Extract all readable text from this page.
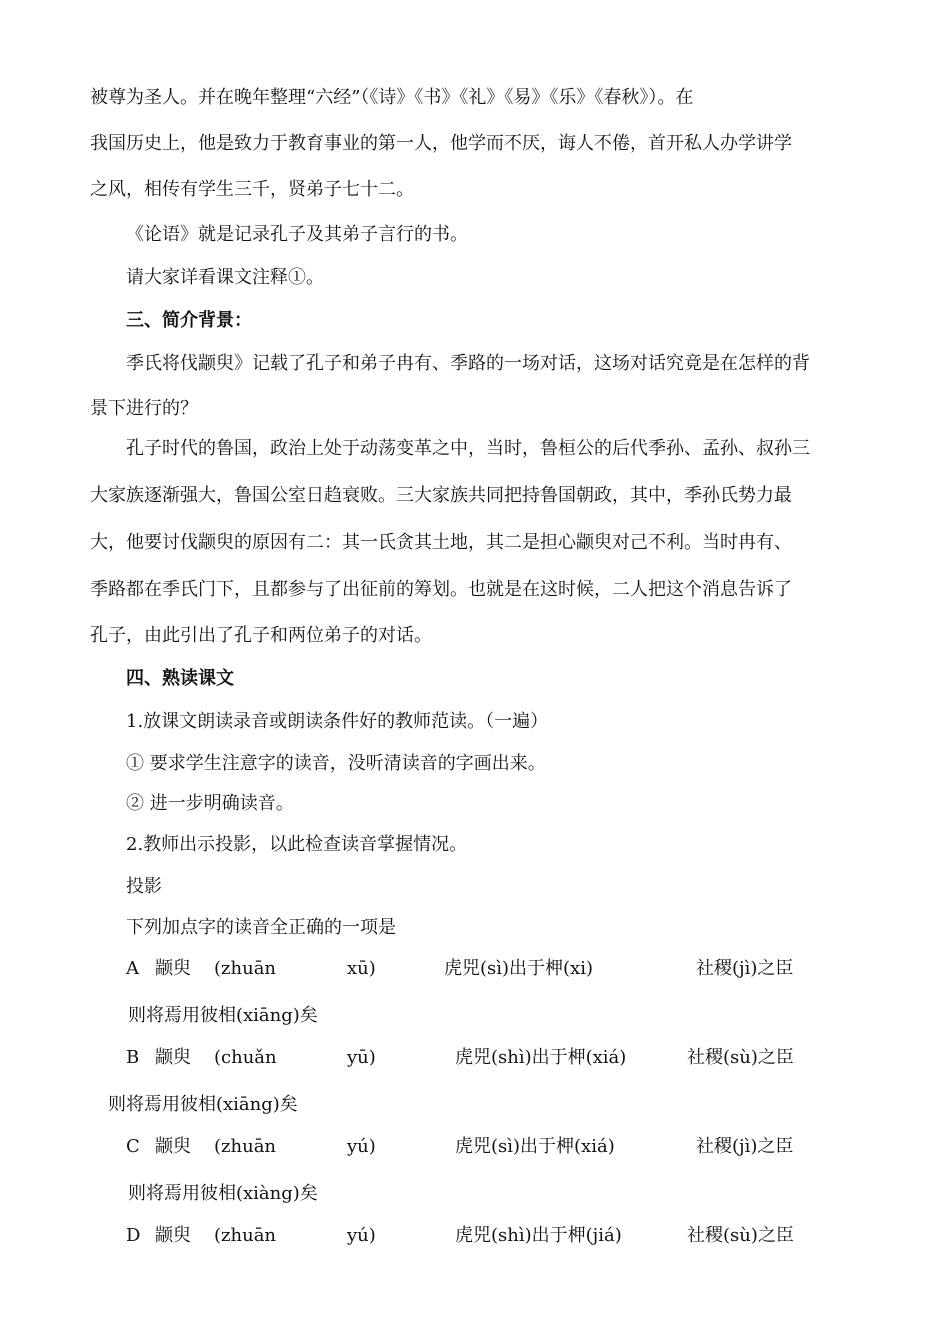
被尊为圣人。并在晚年整理“六经”（《诗》《书》《礼》《易》《乐》《春秋》）。在
我国历史上，他是致力于教育事业的第一人，他学而不厌，诲人不倦，首开私人办学讲学
之风，相传有学生三千，贤弟子七十二。
《论语》就是记录孔子及其弟子言行的书。
请大家详看课文注释①。
三、简介背景：
季氏将伐颛臾》记载了孔子和弟子冉有、季路的一场对话，这场对话究竟是在怎样的背
景下进行的？
孔子时代的鲁国，政治上处于动荡变革之中，当时，鲁桓公的后代季孙、孟孙、叔孙三
大家族逐渐强大，鲁国公室日趋衰败。三大家族共同把持鲁国朝政，其中，季孙氏势力最
大，他要讨伐颛臾的原因有二：其一氏贪其土地，其二是担心颛臾对己不利。当时冉有、
季路都在季氏门下，且都参与了出征前的筹划。也就是在这时候，二人把这个消息告诉了
孔子，由此引出了孔子和两位弟子的对话。
四、熟读课文
1.放课文朗读录音或朗读条件好的教师范读。（一遍）
① 要求学生注意字的读音，没听清读音的字画出来。
② 进一步明确读音。
2.教师出示投影，以此检查读音掌握情况。
投影
下列加点字的读音全正确的一项是
A 颛臾 (zhuān	xū)	虎兕(sì)出于柙(xi)	社稷(jì)之臣
则将焉用彼相(xiāng)矣
B 颛臾 (chuǎn	yū)	虎兕(shì)出于柙(xiá)	社稷(sù)之臣
则将焉用彼相(xiāng)矣
C 颛臾 (zhuān	yú)	虎兕(sì)出于柙(xiá)	社稷(jì)之臣
则将焉用彼相(xiàng)矣
D 颛臾 (zhuān	yú)	虎兕(shì)出于柙(jiá)	社稷(sù)之臣
